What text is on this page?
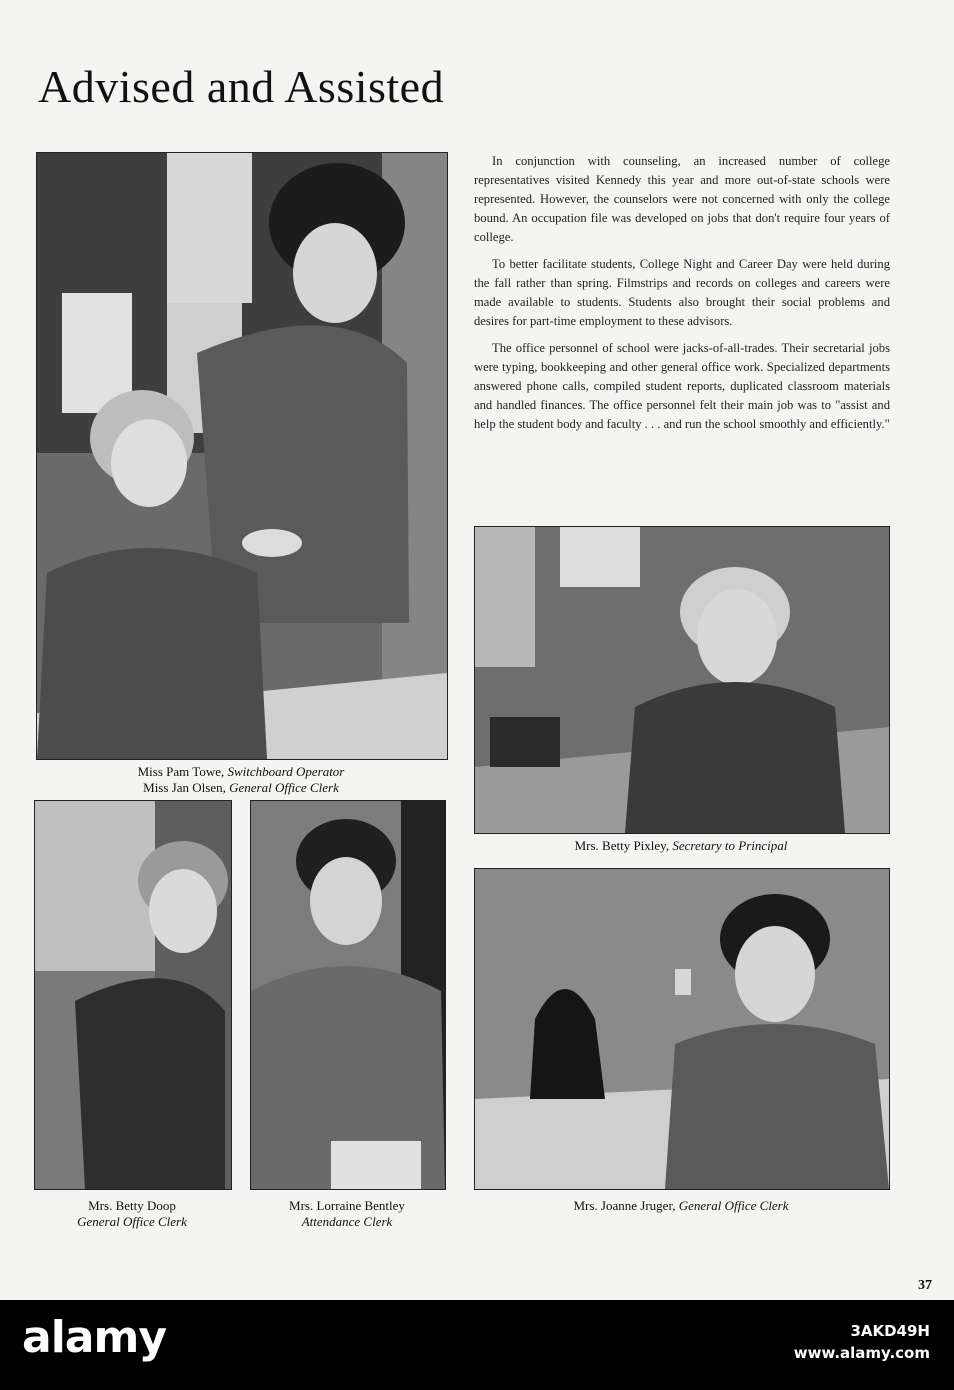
Advised and Assisted
Miss Pam Towe, Switchboard Operator
Miss Jan Olsen, General Office Clerk

In conjunction with counseling, an increased number of college representatives visited Kennedy this year and more out-of-state schools were represented. However, the counselors were not concerned with only the college bound. An occupation file was developed on jobs that don't require four years of college.

To better facilitate students, College Night and Career Day were held during the fall rather than spring. Filmstrips and records on colleges and careers were made available to students. Students also brought their social problems and desires for part-time employment to these advisors.

The office personnel of school were jacks-of-all-trades. Their secretarial jobs were typing, bookkeeping and other general office work. Specialized departments answered phone calls, compiled student reports, duplicated classroom materials and handled finances. The office personnel felt their main job was to "assist and help the student body and faculty . . . and run the school smoothly and efficiently."

Mrs. Betty Pixley, Secretary to Principal
Mrs. Betty Doop
General Office Clerk
Mrs. Lorraine Bentley
Attendance Clerk
Mrs. Joanne Jruger, General Office Clerk
37
alamy	3AKD49H
www.alamy.com
